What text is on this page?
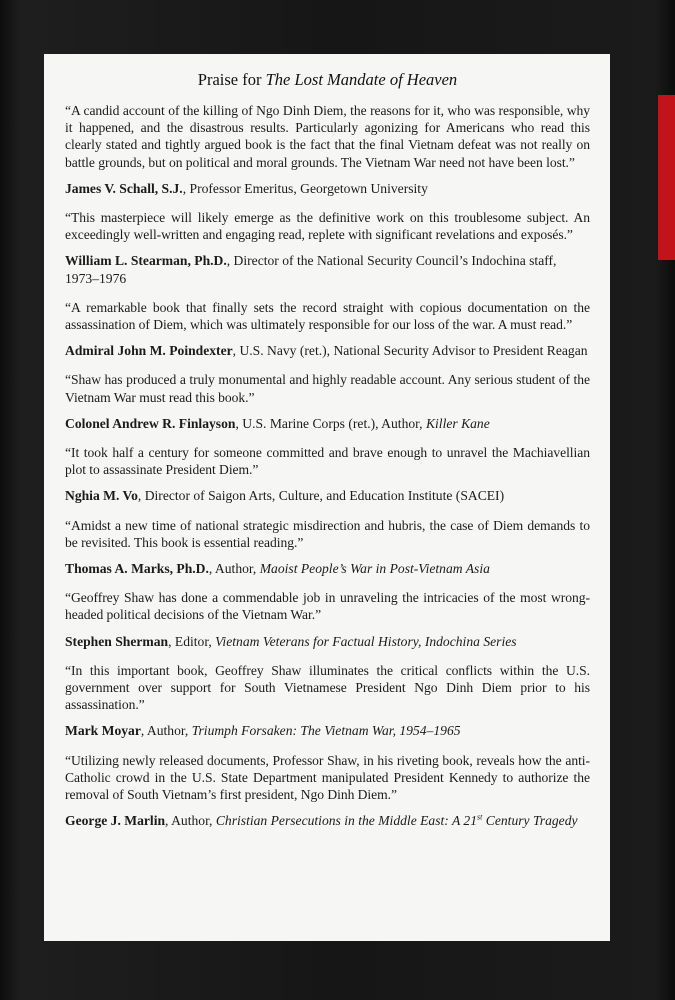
Praise for The Lost Mandate of Heaven

“A candid account of the killing of Ngo Dinh Diem, the reasons for it, who was responsible, why it happened, and the disastrous results. Particularly agonizing for Americans who read this clearly stated and tightly argued book is the fact that the final Vietnam defeat was not really on battle grounds, but on political and moral grounds. The Vietnam War need not have been lost.”

James V. Schall, S.J., Professor Emeritus, Georgetown University

“This masterpiece will likely emerge as the definitive work on this troublesome subject. An exceedingly well-written and engaging read, replete with significant revelations and exposés.”

William L. Stearman, Ph.D., Director of the National Security Council’s Indochina staff, 1973–1976

“A remarkable book that finally sets the record straight with copious documentation on the assassination of Diem, which was ultimately responsible for our loss of the war. A must read.”

Admiral John M. Poindexter, U.S. Navy (ret.), National Security Advisor to President Reagan

“Shaw has produced a truly monumental and highly readable account. Any serious student of the Vietnam War must read this book.”

Colonel Andrew R. Finlayson, U.S. Marine Corps (ret.), Author, Killer Kane

“It took half a century for someone committed and brave enough to unravel the Machiavellian plot to assassinate President Diem.”

Nghia M. Vo, Director of Saigon Arts, Culture, and Education Institute (SACEI)

“Amidst a new time of national strategic misdirection and hubris, the case of Diem demands to be revisited. This book is essential reading.”

Thomas A. Marks, Ph.D., Author, Maoist People’s War in Post-Vietnam Asia

“Geoffrey Shaw has done a commendable job in unraveling the intricacies of the most wrong-headed political decisions of the Vietnam War.”

Stephen Sherman, Editor, Vietnam Veterans for Factual History, Indochina Series

“In this important book, Geoffrey Shaw illuminates the critical conflicts within the U.S. government over support for South Vietnamese President Ngo Dinh Diem prior to his assassination.”

Mark Moyar, Author, Triumph Forsaken: The Vietnam War, 1954–1965

“Utilizing newly released documents, Professor Shaw, in his riveting book, reveals how the anti-Catholic crowd in the U.S. State Department manipulated President Kennedy to authorize the removal of South Vietnam’s first president, Ngo Dinh Diem.”

George J. Marlin, Author, Christian Persecutions in the Middle East: A 21st Century Tragedy
